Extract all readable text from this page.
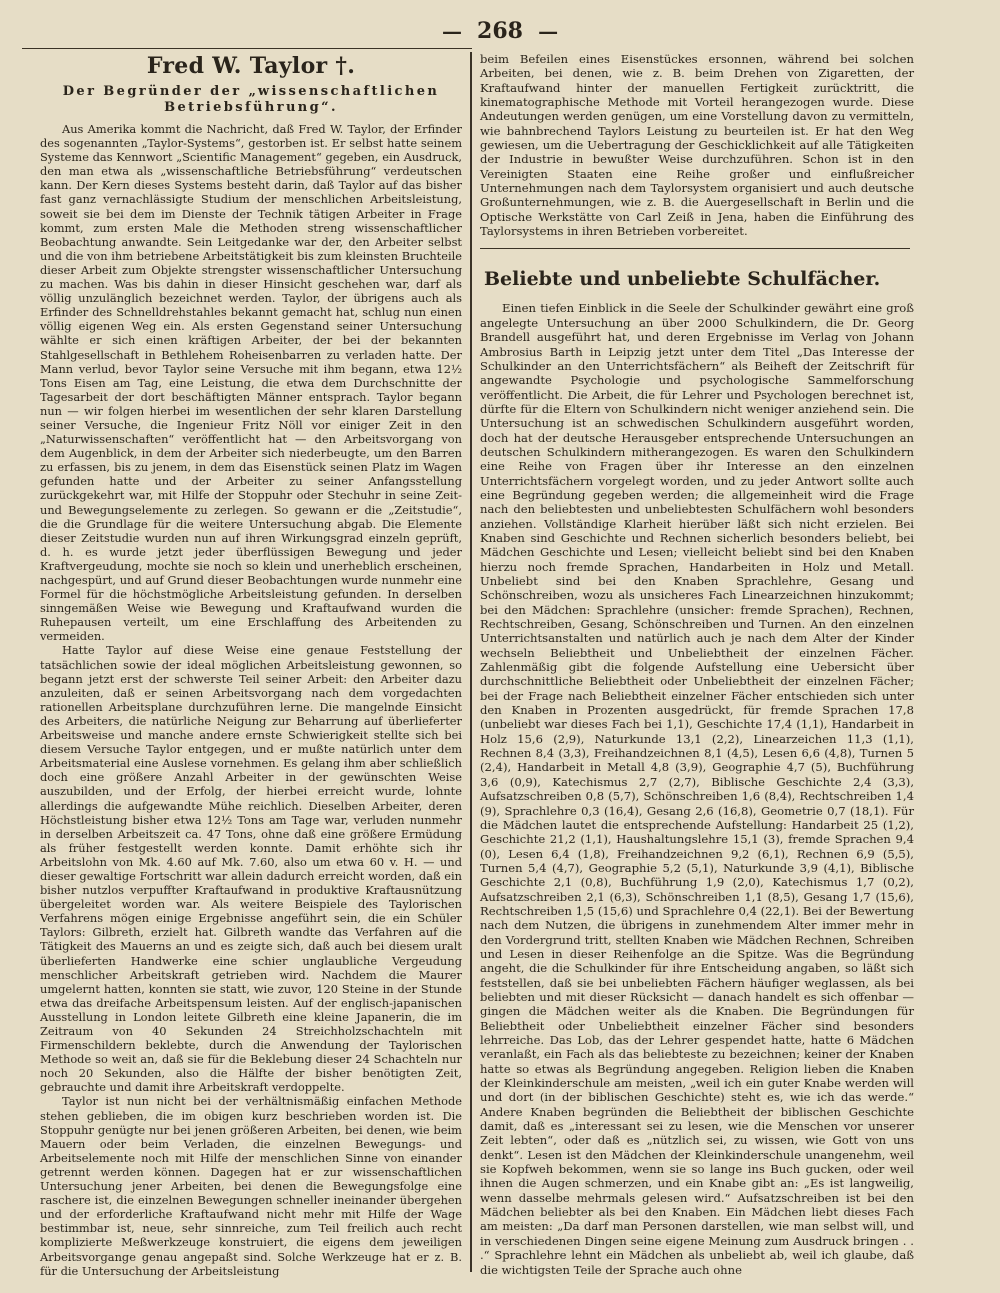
— 268 —
Fred W. Taylor †.
Der Begründer der „wissenschaftlichen Betriebsführung“.

Aus Amerika kommt die Nachricht, daß Fred W. Taylor, der Erfinder des sogenannten „Taylor-Systems“, gestorben ist. Er selbst hatte seinem Systeme das Kennwort „Scientific Management“ gegeben, ein Ausdruck, den man etwa als „wissenschaftliche Betriebsführung“ verdeutschen kann. Der Kern dieses Systems besteht darin, daß Taylor auf das bisher fast ganz vernachlässigte Studium der menschlichen Arbeitsleistung, soweit sie bei dem im Dienste der Technik tätigen Arbeiter in Frage kommt, zum ersten Male die Methoden streng wissenschaftlicher Beobachtung anwandte. Sein Leitgedanke war der, den Arbeiter selbst und die von ihm betriebene Arbeitstätigkeit bis zum kleinsten Bruchteile dieser Arbeit zum Objekte strengster wissenschaftlicher Untersuchung zu machen. Was bis dahin in dieser Hinsicht geschehen war, darf als völlig unzulänglich bezeichnet werden. Taylor, der übrigens auch als Erfinder des Schnelldrehstahles bekannt gemacht hat, schlug nun einen völlig eigenen Weg ein. Als ersten Gegenstand seiner Untersuchung wählte er sich einen kräftigen Arbeiter, der bei der bekannten Stahlgesellschaft in Bethlehem Roheisenbarren zu verladen hatte. Der Mann verlud, bevor Taylor seine Versuche mit ihm begann, etwa 12½ Tons Eisen am Tag, eine Leistung, die etwa dem Durchschnitte der Tagesarbeit der dort beschäftigten Männer entsprach. Taylor begann nun — wir folgen hierbei im wesentlichen der sehr klaren Darstellung seiner Versuche, die Ingenieur Fritz Nöll vor einiger Zeit in den „Naturwissenschaften“ veröffentlicht hat — den Arbeitsvorgang von dem Augenblick, in dem der Arbeiter sich niederbeugte, um den Barren zu erfassen, bis zu jenem, in dem das Eisenstück seinen Platz im Wagen gefunden hatte und der Arbeiter zu seiner Anfangsstellung zurückgekehrt war, mit Hilfe der Stoppuhr oder Stechuhr in seine Zeit- und Bewegungselemente zu zerlegen. So gewann er die „Zeitstudie“, die die Grundlage für die weitere Untersuchung abgab. Die Elemente dieser Zeitstudie wurden nun auf ihren Wirkungsgrad einzeln geprüft, d. h. es wurde jetzt jeder überflüssigen Bewegung und jeder Kraftvergeudung, mochte sie noch so klein und unerheblich erscheinen, nachgespürt, und auf Grund dieser Beobachtungen wurde nunmehr eine Formel für die höchstmögliche Arbeitsleistung gefunden. In derselben sinngemäßen Weise wie Bewegung und Kraftaufwand wurden die Ruhepausen verteilt, um eine Erschlaffung des Arbeitenden zu vermeiden.

Hatte Taylor auf diese Weise eine genaue Feststellung der tatsächlichen sowie der ideal möglichen Arbeitsleistung gewonnen, so begann jetzt erst der schwerste Teil seiner Arbeit: den Arbeiter dazu anzuleiten, daß er seinen Arbeitsvorgang nach dem vorgedachten rationellen Arbeitsplane durchzuführen lerne. Die mangelnde Einsicht des Arbeiters, die natürliche Neigung zur Beharrung auf überlieferter Arbeitsweise und manche andere ernste Schwierigkeit stellte sich bei diesem Versuche Taylor entgegen, und er mußte natürlich unter dem Arbeitsmaterial eine Auslese vornehmen. Es gelang ihm aber schließlich doch eine größere Anzahl Arbeiter in der gewünschten Weise auszubilden, und der Erfolg, der hierbei erreicht wurde, lohnte allerdings die aufgewandte Mühe reichlich. Dieselben Arbeiter, deren Höchstleistung bisher etwa 12½ Tons am Tage war, verluden nunmehr in derselben Arbeitszeit ca. 47 Tons, ohne daß eine größere Ermüdung als früher festgestellt werden konnte. Damit erhöhte sich ihr Arbeitslohn von Mk. 4.60 auf Mk. 7.60, also um etwa 60 v. H. — und dieser gewaltige Fortschritt war allein dadurch erreicht worden, daß ein bisher nutzlos verpuffter Kraftaufwand in produktive Kraftausnützung übergeleitet worden war. Als weitere Beispiele des Taylorischen Verfahrens mögen einige Ergebnisse angeführt sein, die ein Schüler Taylors: Gilbreth, erzielt hat. Gilbreth wandte das Verfahren auf die Tätigkeit des Mauerns an und es zeigte sich, daß auch bei diesem uralt überlieferten Handwerke eine schier unglaubliche Vergeudung menschlicher Arbeitskraft getrieben wird. Nachdem die Maurer umgelernt hatten, konnten sie statt, wie zuvor, 120 Steine in der Stunde etwa das dreifache Arbeitspensum leisten. Auf der englisch-japanischen Ausstellung in London leitete Gilbreth eine kleine Japanerin, die im Zeitraum von 40 Sekunden 24 Streichholzschachteln mit Firmenschildern beklebte, durch die Anwendung der Taylorischen Methode so weit an, daß sie für die Beklebung dieser 24 Schachteln nur noch 20 Sekunden, also die Hälfte der bisher benötigten Zeit, gebrauchte und damit ihre Arbeitskraft verdoppelte.

Taylor ist nun nicht bei der verhältnismäßig einfachen Methode stehen geblieben, die im obigen kurz beschrieben worden ist. Die Stoppuhr genügte nur bei jenen größeren Arbeiten, bei denen, wie beim Mauern oder beim Verladen, die einzelnen Bewegungs- und Arbeitselemente noch mit Hilfe der menschlichen Sinne von einander getrennt werden können. Dagegen hat er zur wissenschaftlichen Untersuchung jener Arbeiten, bei denen die Bewegungsfolge eine raschere ist, die einzelnen Bewegungen schneller ineinander übergehen und der erforderliche Kraftaufwand nicht mehr mit Hilfe der Wage bestimmbar ist, neue, sehr sinnreiche, zum Teil freilich auch recht komplizierte Meßwerkzeuge konstruiert, die eigens dem jeweiligen Arbeitsvorgange genau angepaßt sind. Solche Werkzeuge hat er z. B. für die Untersuchung der Arbeitsleistung

beim Befeilen eines Eisenstückes ersonnen, während bei solchen Arbeiten, bei denen, wie z. B. beim Drehen von Zigaretten, der Kraftaufwand hinter der manuellen Fertigkeit zurücktritt, die kinematographische Methode mit Vorteil herangezogen wurde. Diese Andeutungen werden genügen, um eine Vorstellung davon zu vermitteln, wie bahnbrechend Taylors Leistung zu beurteilen ist. Er hat den Weg gewiesen, um die Uebertragung der Geschicklichkeit auf alle Tätigkeiten der Industrie in bewußter Weise durchzuführen. Schon ist in den Vereinigten Staaten eine Reihe großer und einflußreicher Unternehmungen nach dem Taylorsystem organisiert und auch deutsche Großunternehmungen, wie z. B. die Auergesellschaft in Berlin und die Optische Werkstätte von Carl Zeiß in Jena, haben die Einführung des Taylorsystems in ihren Betrieben vorbereitet.

Beliebte und unbeliebte Schulfächer.

Einen tiefen Einblick in die Seele der Schulkinder gewährt eine groß angelegte Untersuchung an über 2000 Schulkindern, die Dr. Georg Brandell ausgeführt hat, und deren Ergebnisse im Verlag von Johann Ambrosius Barth in Leipzig jetzt unter dem Titel „Das Interesse der Schulkinder an den Unterrichtsfächern“ als Beiheft der Zeitschrift für angewandte Psychologie und psychologische Sammelforschung veröffentlicht. Die Arbeit, die für Lehrer und Psychologen berechnet ist, dürfte für die Eltern von Schulkindern nicht weniger anziehend sein. Die Untersuchung ist an schwedischen Schulkindern ausgeführt worden, doch hat der deutsche Herausgeber entsprechende Untersuchungen an deutschen Schulkindern mitherangezogen. Es waren den Schulkindern eine Reihe von Fragen über ihr Interesse an den einzelnen Unterrichtsfächern vorgelegt worden, und zu jeder Antwort sollte auch eine Begründung gegeben werden; die allgemeinheit wird die Frage nach den beliebtesten und unbeliebtesten Schulfächern wohl besonders anziehen. Vollständige Klarheit hierüber läßt sich nicht erzielen. Bei Knaben sind Geschichte und Rechnen sicherlich besonders beliebt, bei Mädchen Geschichte und Lesen; vielleicht beliebt sind bei den Knaben hierzu noch fremde Sprachen, Handarbeiten in Holz und Metall. Unbeliebt sind bei den Knaben Sprachlehre, Gesang und Schönschreiben, wozu als unsicheres Fach Linearzeichnen hinzukommt; bei den Mädchen: Sprachlehre (unsicher: fremde Sprachen), Rechnen, Rechtschreiben, Gesang, Schönschreiben und Turnen. An den einzelnen Unterrichtsanstalten und natürlich auch je nach dem Alter der Kinder wechseln Beliebtheit und Unbeliebtheit der einzelnen Fächer. Zahlenmäßig gibt die folgende Aufstellung eine Uebersicht über durchschnittliche Beliebtheit oder Unbeliebtheit der einzelnen Fächer; bei der Frage nach Beliebtheit einzelner Fächer entschieden sich unter den Knaben in Prozenten ausgedrückt, für fremde Sprachen 17,8 (unbeliebt war dieses Fach bei 1,1), Geschichte 17,4 (1,1), Handarbeit in Holz 15,6 (2,9), Naturkunde 13,1 (2,2), Linearzeichen 11,3 (1,1), Rechnen 8,4 (3,3), Freihandzeichnen 8,1 (4,5), Lesen 6,6 (4,8), Turnen 5 (2,4), Handarbeit in Metall 4,8 (3,9), Geographie 4,7 (5), Buchführung 3,6 (0,9), Katechismus 2,7 (2,7), Biblische Geschichte 2,4 (3,3), Aufsatzschreiben 0,8 (5,7), Schönschreiben 1,6 (8,4), Rechtschreiben 1,4 (9), Sprachlehre 0,3 (16,4), Gesang 2,6 (16,8), Geometrie 0,7 (18,1). Für die Mädchen lautet die entsprechende Aufstellung: Handarbeit 25 (1,2), Geschichte 21,2 (1,1), Haushaltungslehre 15,1 (3), fremde Sprachen 9,4 (0), Lesen 6,4 (1,8), Freihandzeichnen 9,2 (6,1), Rechnen 6,9 (5,5), Turnen 5,4 (4,7), Geographie 5,2 (5,1), Naturkunde 3,9 (4,1), Biblische Geschichte 2,1 (0,8), Buchführung 1,9 (2,0), Katechismus 1,7 (0,2), Aufsatzschreiben 2,1 (6,3), Schönschreiben 1,1 (8,5), Gesang 1,7 (15,6), Rechtschreiben 1,5 (15,6) und Sprachlehre 0,4 (22,1). Bei der Bewertung nach dem Nutzen, die übrigens in zunehmendem Alter immer mehr in den Vordergrund tritt, stellten Knaben wie Mädchen Rechnen, Schreiben und Lesen in dieser Reihenfolge an die Spitze. Was die Begründung angeht, die die Schulkinder für ihre Entscheidung angaben, so läßt sich feststellen, daß sie bei unbeliebten Fächern häufiger weglassen, als bei beliebten und mit dieser Rücksicht — danach handelt es sich offenbar — gingen die Mädchen weiter als die Knaben. Die Begründungen für Beliebtheit oder Unbeliebtheit einzelner Fächer sind besonders lehrreiche. Das Lob, das der Lehrer gespendet hatte, hatte 6 Mädchen veranlaßt, ein Fach als das beliebteste zu bezeichnen; keiner der Knaben hatte so etwas als Begründung angegeben. Religion lieben die Knaben der Kleinkinderschule am meisten, „weil ich ein guter Knabe werden will und dort (in der biblischen Geschichte) steht es, wie ich das werde.“ Andere Knaben begründen die Beliebtheit der biblischen Geschichte damit, daß es „interessant sei zu lesen, wie die Menschen vor unserer Zeit lebten“, oder daß es „nützlich sei, zu wissen, wie Gott von uns denkt“. Lesen ist den Mädchen der Kleinkinderschule unangenehm, weil sie Kopfweh bekommen, wenn sie so lange ins Buch gucken, oder weil ihnen die Augen schmerzen, und ein Knabe gibt an: „Es ist langweilig, wenn dasselbe mehrmals gelesen wird.“ Aufsatzschreiben ist bei den Mädchen beliebter als bei den Knaben. Ein Mädchen liebt dieses Fach am meisten: „Da darf man Personen darstellen, wie man selbst will, und in verschiedenen Dingen seine eigene Meinung zum Ausdruck bringen . . .“ Sprachlehre lehnt ein Mädchen als unbeliebt ab, weil ich glaube, daß die wichtigsten Teile der Sprache auch ohne
